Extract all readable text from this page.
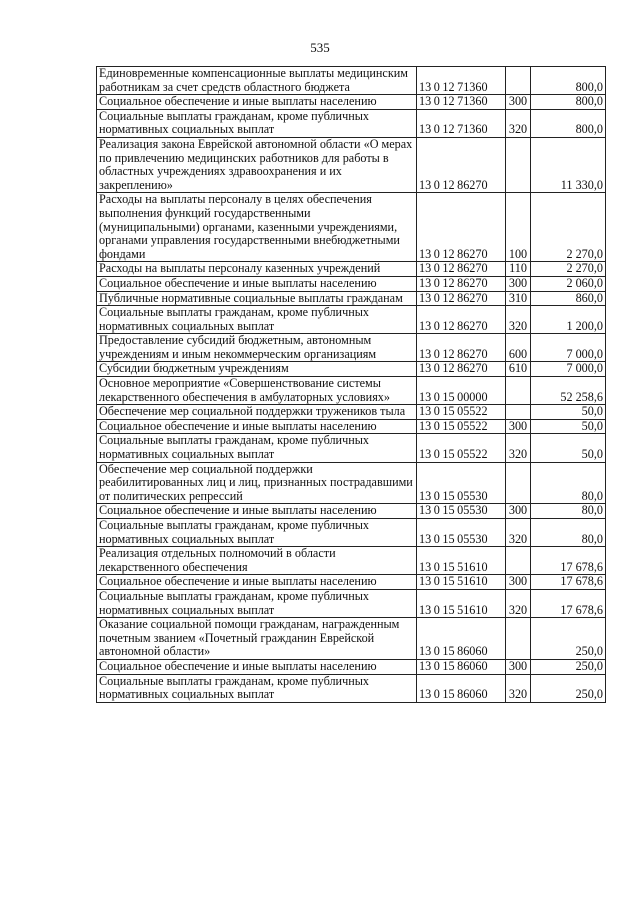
535
Единовременные компенсационные выплаты медицинским работникам за счет средств областного бюджета	13 0 12 71360		800,0
Социальное обеспечение и иные выплаты населению	13 0 12 71360	300	800,0
Социальные выплаты гражданам, кроме публичных нормативных социальных выплат	13 0 12 71360	320	800,0
Реализация закона Еврейской автономной области «О мерах по привлечению медицинских работников для работы в областных учреждениях здравоохранения и их закреплению»	13 0 12 86270		11 330,0
Расходы на выплаты персоналу в целях обеспечения выполнения функций государственными (муниципальными) органами, казенными учреждениями, органами управления государственными внебюджетными фондами	13 0 12 86270	100	2 270,0
Расходы на выплаты персоналу казенных учреждений	13 0 12 86270	110	2 270,0
Социальное обеспечение и иные выплаты населению	13 0 12 86270	300	2 060,0
Публичные нормативные социальные выплаты гражданам	13 0 12 86270	310	860,0
Социальные выплаты гражданам, кроме публичных нормативных социальных выплат	13 0 12 86270	320	1 200,0
Предоставление субсидий бюджетным, автономным учреждениям и иным некоммерческим организациям	13 0 12 86270	600	7 000,0
Субсидии бюджетным учреждениям	13 0 12 86270	610	7 000,0
Основное мероприятие «Совершенствование системы лекарственного обеспечения в амбулаторных условиях»	13 0 15 00000		52 258,6
Обеспечение мер социальной поддержки тружеников тыла	13 0 15 05522		50,0
Социальное обеспечение и иные выплаты населению	13 0 15 05522	300	50,0
Социальные выплаты гражданам, кроме публичных нормативных социальных выплат	13 0 15 05522	320	50,0
Обеспечение мер социальной поддержки реабилитированных лиц и лиц, признанных пострадавшими от политических репрессий	13 0 15 05530		80,0
Социальное обеспечение и иные выплаты населению	13 0 15 05530	300	80,0
Социальные выплаты гражданам, кроме публичных нормативных социальных выплат	13 0 15 05530	320	80,0
Реализация отдельных полномочий в области лекарственного обеспечения	13 0 15 51610		17 678,6
Социальное обеспечение и иные выплаты населению	13 0 15 51610	300	17 678,6
Социальные выплаты гражданам, кроме публичных нормативных социальных выплат	13 0 15 51610	320	17 678,6
Оказание социальной помощи гражданам, награжденным почетным званием «Почетный гражданин Еврейской автономной области»	13 0 15 86060		250,0
Социальное обеспечение и иные выплаты населению	13 0 15 86060	300	250,0
Социальные выплаты гражданам, кроме публичных нормативных социальных выплат	13 0 15 86060	320	250,0
